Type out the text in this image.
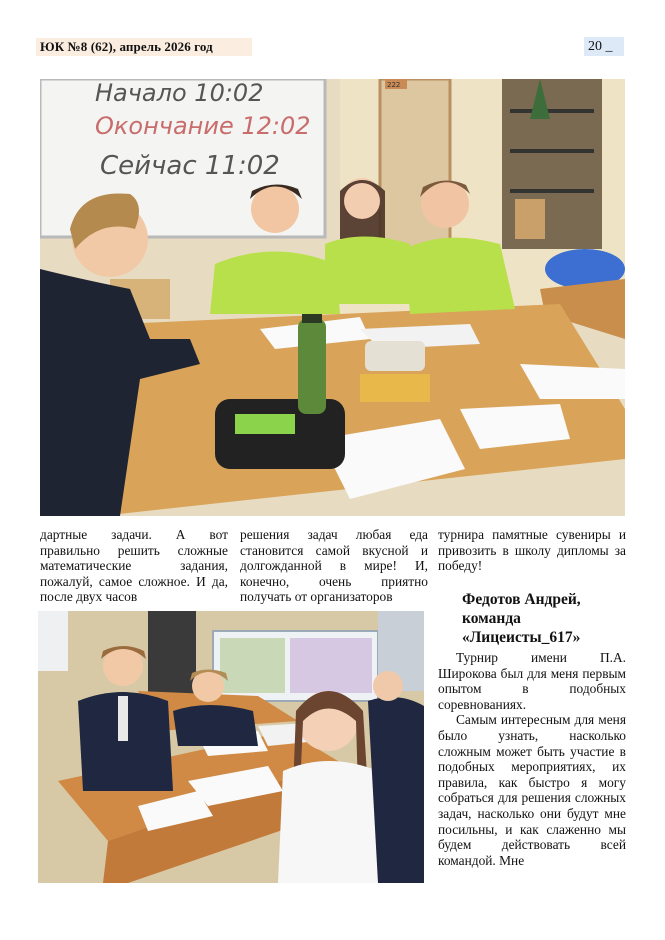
ЮК №8 (62), апрель 2026 год	20 _
Начало 10:02
Окончание 12:02
Сейчас 11:02
222

дартные задачи. А вот правильно решить сложные математические задания, пожалуй, самое сложное. И да, после двух часов

решения задач любая еда становится самой вкусной и долгожданной в мире! И, конечно, очень приятно получать от организаторов

турнира памятные сувениры и привозить в школу дипломы за победу!

Федотов Андрей,
команда
«Лицеисты_617»

Турнир имени П.А. Широкова был для меня первым опытом в подобных соревнованиях.

Самым интересным для меня было узнать, насколько сложным может быть участие в подобных мероприятиях, их правила, как быстро я могу собраться для решения сложных задач, насколько они будут мне посильны, и как слаженно мы будем действовать всей командой. Мне
